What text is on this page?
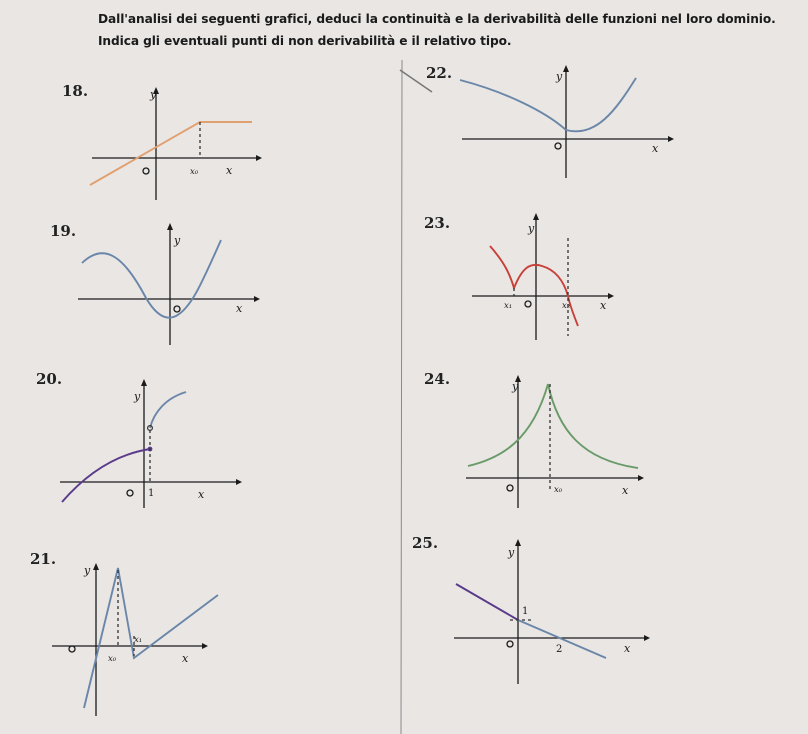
Dall'analisi dei seguenti grafici, deduci la continuità e la derivabilità delle funzioni nel loro dominio.
Indica gli eventuali punti di non derivabilità e il relativo tipo.
18.	y
x
x₀
19.
y
x
20.
y
x
1
21.
y
x
x₀
x₁
22.	y
x
23.	y
x
x₁	x₂
24.	y
x
x₀
25.
y
x
1
2
